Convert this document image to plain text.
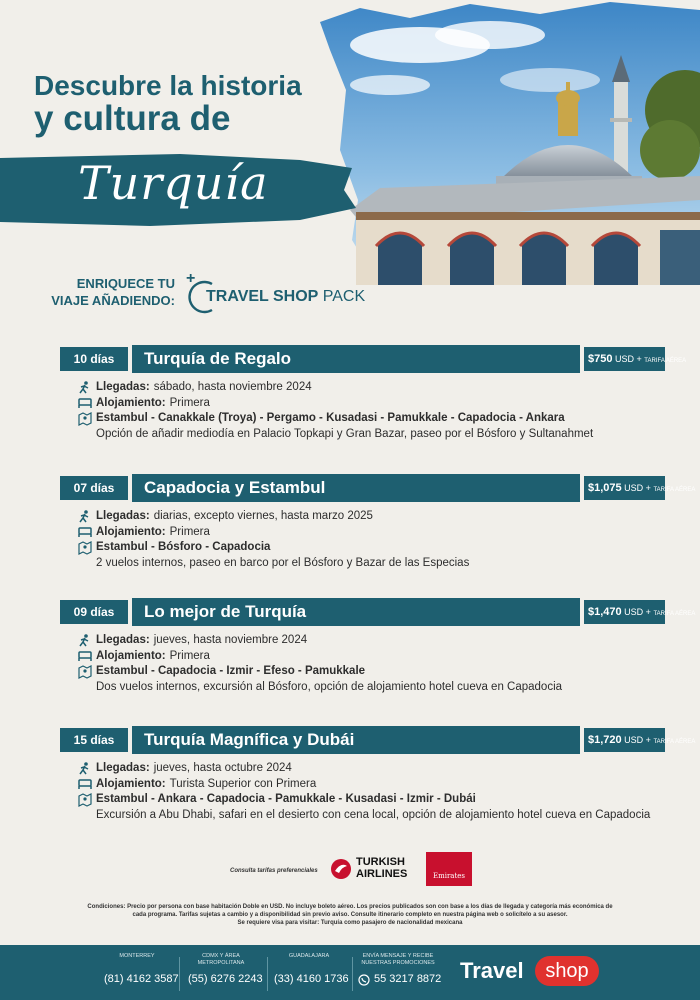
Descubre la historia
y cultura de
Turquía
ENRIQUECE TU
VIAJE AÑADIENDO:
+
TRAVEL SHOP PACK
10 días	Turquía de Regalo	$750 USD + TARIFA AÉREA
Llegadas: sábado, hasta noviembre 2024
Alojamiento: Primera
Estambul - Canakkale (Troya) - Pergamo - Kusadasi - Pamukkale - Capadocia - Ankara
Opción de añadir mediodía en Palacio Topkapi y Gran Bazar, paseo por el Bósforo y Sultanahmet
07 días	Capadocia y Estambul	$1,075 USD + TARIFA AÉREA
Llegadas: diarias, excepto viernes, hasta marzo 2025
Alojamiento: Primera
Estambul - Bósforo - Capadocia
2 vuelos internos, paseo en barco por el Bósforo y Bazar de las Especias
09 días	Lo mejor de Turquía	$1,470 USD + TARIFA AÉREA
Llegadas: jueves, hasta noviembre 2024
Alojamiento: Primera
Estambul - Capadocia - Izmir - Efeso - Pamukkale
Dos vuelos internos, excursión al Bósforo, opción de alojamiento hotel cueva en Capadocia
15 días	Turquía Magnífica y Dubái	$1,720 USD + TARIFA AÉREA
Llegadas: jueves, hasta octubre 2024
Alojamiento: Turista Superior con Primera
Estambul - Ankara - Capadocia - Pamukkale - Kusadasi - Izmir - Dubái
Excursión a Abu Dhabi, safari en el desierto con cena local, opción de alojamiento hotel cueva en Capadocia
Consulta tarifas preferenciales
TURKISH AIRLINES	Emirates
Condiciones: Precio por persona con base habitación Doble en USD. No incluye boleto aéreo. Los precios publicados son con base a los días de llegada y categoría más económica de
cada programa. Tarifas sujetas a cambio y a disponibilidad sin previo aviso. Consulte itinerario completo en nuestra página web o solicítelo a su asesor.
Se requiere visa para visitar: Turquía como pasajero de nacionalidad mexicana
MONTERREY
(81) 4162 3587
CDMX Y ÁREA METROPOLITANA
(55) 6276 2243
GUADALAJARA
(33) 4160 1736
ENVÍA MENSAJE Y RECIBE NUESTRAS PROMOCIONES
55 3217 8872 Travel	shop
